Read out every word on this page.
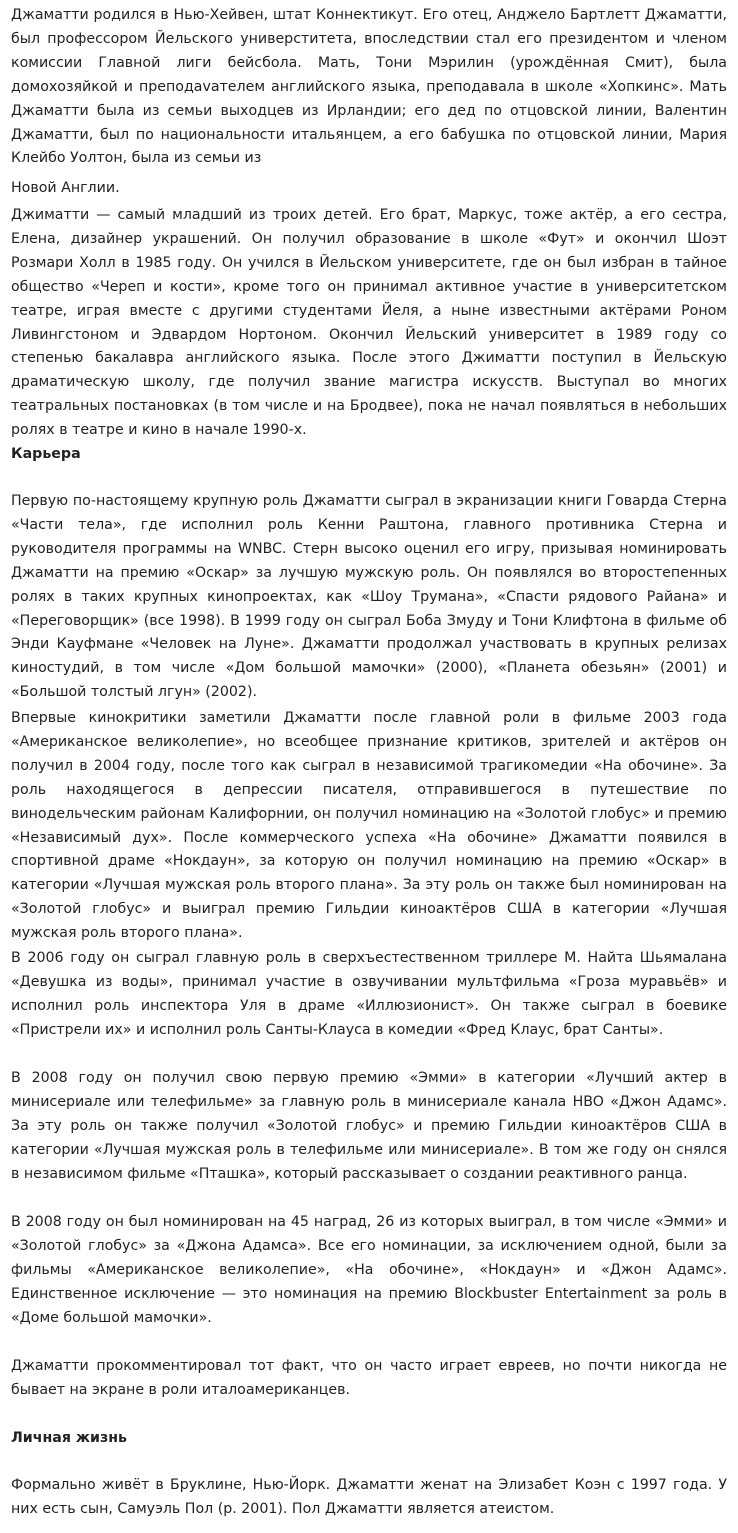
Джаматти родился в Нью-Хейвен, штат Коннектикут. Его отец, Анджело Бартлетт Джаматти, был профессором Йельского универститета, впоследствии стал его президентом и членом комиссии Главной лиги бейсбола. Мать, Тони Мэрилин (урождённая Смит), была домохозяйкой и преподаvателем английского языка, преподавала в школе «Хопкинс». Мать Джаматти была из семьи выходцев из Ирландии; его дед по отцовской линии, Валентин Джаматти, был по национальности итальянцем, а его бабушка по отцовской линии, Мария Клейбо Уолтон, была из семьи из

Новой Англии.

Джиматти — самый младший из троих детей. Его брат, Маркус, тоже актёр, а его сестра, Елена, дизайнер украшений. Он получил образование в школе «Фут» и окончил Шоэт Розмари Холл в 1985 году. Он учился в Йельском университете, где он был избран в тайное общество «Череп и кости», кроме того он принимал активное участие в университетском театре, играя вместе с другими студентами Йеля, а ныне известными актёрами Роном Ливингстоном и Эдвардом Нортоном. Окончил Йельский университет в 1989 году со степенью бакалавра английского языка. После этого Джиматти поступил в Йельскую драматическую школу, где получил звание магистра искусств. Выступал во многих театральных постановках (в том числе и на Бродвее), пока не начал появляться в небольших ролях в театре и кино в начале 1990-х.

Карьера

Первую по-настоящему крупную роль Джаматти сыграл в экранизации книги Говарда Стерна «Части тела», где исполнил роль Кенни Раштона, главного противника Стерна и руководителя программы на WNBC. Стерн высоко оценил его игру, призывая номинировать Джаматти на премию «Оскар» за лучшую мужскую роль. Он появлялся во второстепенных ролях в таких крупных кинопроектах, как «Шоу Трумана», «Спасти рядового Райана» и «Переговорщик» (все 1998). В 1999 году он сыграл Боба Змуду и Тони Клифтона в фильме об Энди Кауфмане «Человек на Луне». Джаматти продолжал участвовать в крупных релизах киностудий, в том числе «Дом большой мамочки» (2000), «Планета обезьян» (2001) и «Большой толстый лгун» (2002).

Впервые кинокритики заметили Джаматти после главной роли в фильме 2003 года «Американское великолепие», но всеобщее признание критиков, зрителей и актёров он получил в 2004 году, после того как сыграл в независимой трагикомедии «На обочине». За роль находящегося в депрессии писателя, отправившегося в путешествие по винодельческим районам Калифорнии, он получил номинацию на «Золотой глобус» и премию «Независимый дух». После коммерческого успеха «На обочине» Джаматти появился в спортивной драме «Нокдаун», за которую он получил номинацию на премию «Оскар» в категории «Лучшая мужская роль второго плана». За эту роль он также был номинирован на «Золотой глобус» и выиграл премию Гильдии киноактёров США в категории «Лучшая мужская роль второго плана».

В 2006 году он сыграл главную роль в сверхъестественном триллере М. Найта Шьямалана «Девушка из воды», принимал участие в озвучивании мультфильма «Гроза муравьёв» и исполнил роль инспектора Уля в драме «Иллюзионист». Он также сыграл в боевике «Пристрели их» и исполнил роль Санты-Клауса в комедии «Фред Клаус, брат Санты».

В 2008 году он получил свою первую премию «Эмми» в категории «Лучший актер в минисериале или телефильме» за главную роль в минисериале канала HBO «Джон Адамс». За эту роль он также получил «Золотой глобус» и премию Гильдии киноактёров США в категории «Лучшая мужская роль в телефильме или минисериале». В том же году он снялся в независимом фильме «Пташка», который рассказывает о создании реактивного ранца.

В 2008 году он был номинирован на 45 наград, 26 из которых выиграл, в том числе «Эмми» и «Золотой глобус» за «Джона Адамса». Все его номинации, за исключением одной, были за фильмы «Американское великолепие», «На обочине», «Нокдаун» и «Джон Адамс». Единственное исключение — это номинация на премию Blockbuster Entertainment за роль в «Доме большой мамочки».

Джаматти прокомментировал тот факт, что он часто играет евреев, но почти никогда не бывает на экране в роли италоамериканцев.

Личная жизнь

Формально живёт в Бруклине, Нью-Йорк. Джаматти женат на Элизабет Коэн с 1997 года. У них есть сын, Самуэль Пол (р. 2001). Пол Джаматти является атеистом.
